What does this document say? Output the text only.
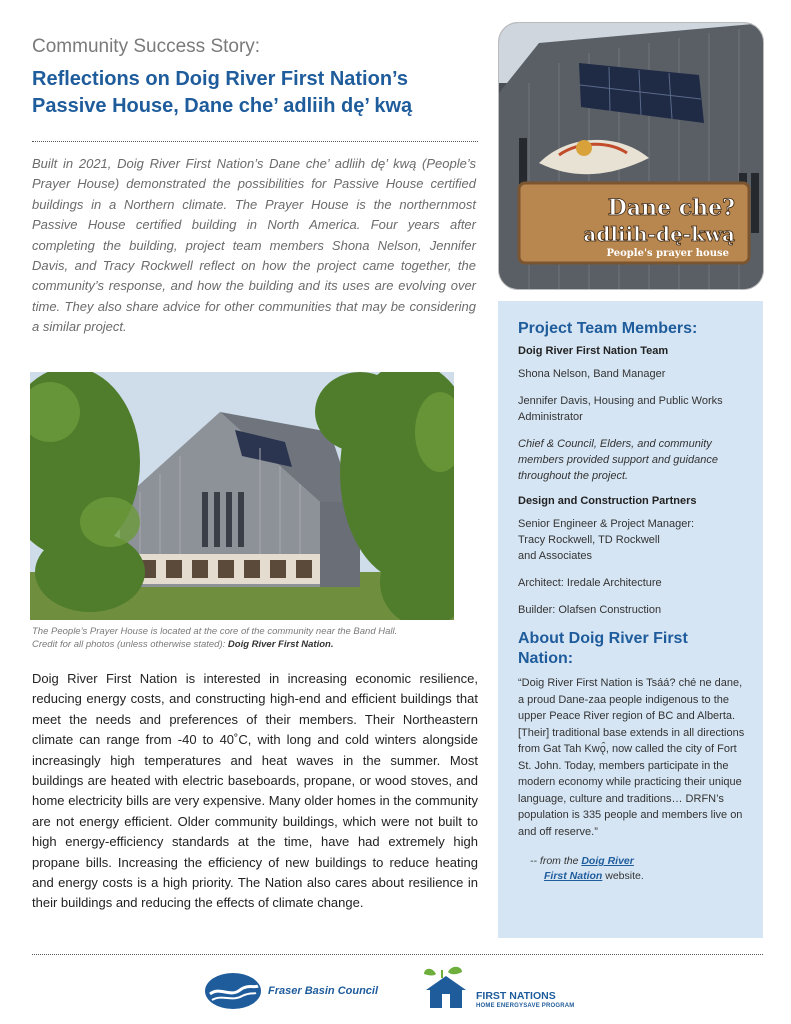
Community Success Story:
Reflections on Doig River First Nation’s
Passive House, Dane che’ adliih dę’ kwą

Built in 2021, Doig River First Nation’s Dane che’ adliih dę’ kwą (People’s Prayer House) demonstrated the possibilities for Passive House certified buildings in a Northern climate. The Prayer House is the northernmost Passive House certified building in North America. Four years after completing the building, project team members Shona Nelson, Jennifer Davis, and Tracy Rockwell reflect on how the project came together, the community’s response, and how the building and its uses are evolving over time. They also share advice for other communities that may be considering a similar project.

The People’s Prayer House is located at the core of the community near the Band Hall.
Credit for all photos (unless otherwise stated): Doig River First Nation.

Doig River First Nation is interested in increasing economic resilience, reducing energy costs, and constructing high-end and efficient buildings that meet the needs and preferences of their members. Their Northeastern climate can range from -40 to 40˚C, with long and cold winters alongside increasingly high temperatures and heat waves in the summer. Most buildings are heated with electric baseboards, propane, or wood stoves, and home electricity bills are very expensive. Many older homes in the community are not energy efficient. Older community buildings, which were not built to high energy-efficiency standards at the time, have had extremely high propane bills. Increasing the efficiency of new buildings to reduce heating and energy costs is a high priority. The Nation also cares about resilience in their buildings and reducing the effects of climate change.

Dane che?
adliih-dę-kwą
People's prayer house
Project Team Members:
Doig River First Nation Team
Shona Nelson, Band Manager
Jennifer Davis, Housing and Public Works Administrator
Chief & Council, Elders, and community members provided support and guidance throughout the project.
Design and Construction Partners
Senior Engineer & Project Manager:
Tracy Rockwell, TD Rockwell
and Associates
Architect: Iredale Architecture
Builder: Olafsen Construction
About Doig River First Nation:
“Doig River First Nation is Tsáá? ché ne dane, a proud Dane-zaa people indigenous to the upper Peace River region of BC and Alberta. [Their] traditional base extends in all directions from Gat Tah Kwǫ̂, now called the city of Fort St. John. Today, members participate in the modern economy while practicing their unique language, culture and traditions… DRFN’s population is 335 people and members live on and off reserve.”
-- from the Doig River
First Nation website.
Fraser Basin Council	FIRST NATIONS
HOME ENERGYSAVE PROGRAM
